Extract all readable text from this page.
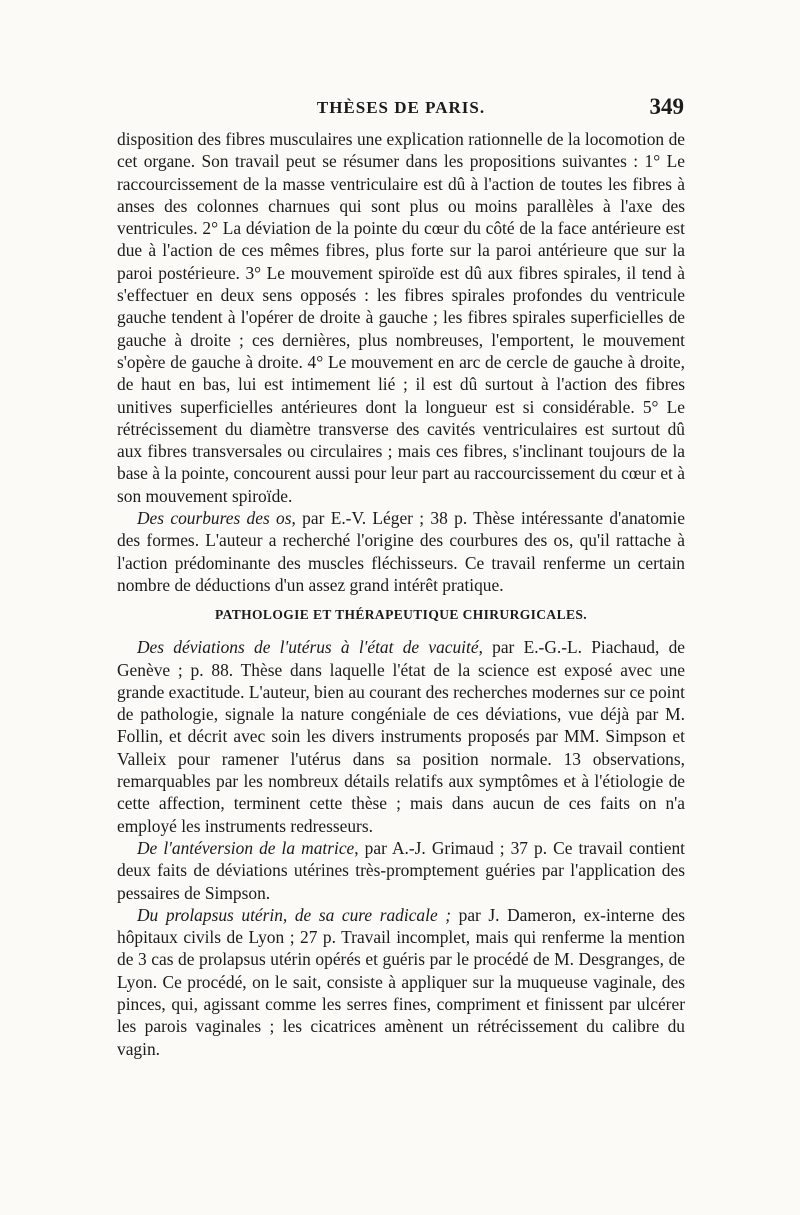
THÈSES DE PARIS.	349

disposition des fibres musculaires une explication rationnelle de la locomotion de cet organe. Son travail peut se résumer dans les propositions suivantes : 1° Le raccourcissement de la masse ventriculaire est dû à l'action de toutes les fibres à anses des colonnes charnues qui sont plus ou moins parallèles à l'axe des ventricules. 2° La déviation de la pointe du cœur du côté de la face antérieure est due à l'action de ces mêmes fibres, plus forte sur la paroi antérieure que sur la paroi postérieure. 3° Le mouvement spiroïde est dû aux fibres spirales, il tend à s'effectuer en deux sens opposés : les fibres spirales profondes du ventricule gauche tendent à l'opérer de droite à gauche ; les fibres spirales superficielles de gauche à droite ; ces dernières, plus nombreuses, l'emportent, le mouvement s'opère de gauche à droite. 4° Le mouvement en arc de cercle de gauche à droite, de haut en bas, lui est intimement lié ; il est dû surtout à l'action des fibres unitives superficielles antérieures dont la longueur est si considérable. 5° Le rétrécissement du diamètre transverse des cavités ventriculaires est surtout dû aux fibres transversales ou circulaires ; mais ces fibres, s'inclinant toujours de la base à la pointe, concourent aussi pour leur part au raccourcissement du cœur et à son mouvement spiroïde.

Des courbures des os, par E.-V. Léger ; 38 p. Thèse intéressante d'anatomie des formes. L'auteur a recherché l'origine des courbures des os, qu'il rattache à l'action prédominante des muscles fléchisseurs. Ce travail renferme un certain nombre de déductions d'un assez grand intérêt pratique.

PATHOLOGIE ET THÉRAPEUTIQUE CHIRURGICALES.

Des déviations de l'utérus à l'état de vacuité, par E.-G.-L. Piachaud, de Genève ; p. 88. Thèse dans laquelle l'état de la science est exposé avec une grande exactitude. L'auteur, bien au courant des recherches modernes sur ce point de pathologie, signale la nature congéniale de ces déviations, vue déjà par M. Follin, et décrit avec soin les divers instruments proposés par MM. Simpson et Valleix pour ramener l'utérus dans sa position normale. 13 observations, remarquables par les nombreux détails relatifs aux symptômes et à l'étiologie de cette affection, terminent cette thèse ; mais dans aucun de ces faits on n'a employé les instruments redresseurs.

De l'antéversion de la matrice, par A.-J. Grimaud ; 37 p. Ce travail contient deux faits de déviations utérines très-promptement guéries par l'application des pessaires de Simpson.

Du prolapsus utérin, de sa cure radicale ; par J. Dameron, ex-interne des hôpitaux civils de Lyon ; 27 p. Travail incomplet, mais qui renferme la mention de 3 cas de prolapsus utérin opérés et guéris par le procédé de M. Desgranges, de Lyon. Ce procédé, on le sait, consiste à appliquer sur la muqueuse vaginale, des pinces, qui, agissant comme les serres fines, compriment et finissent par ulcérer les parois vaginales ; les cicatrices amènent un rétrécissement du calibre du vagin.
